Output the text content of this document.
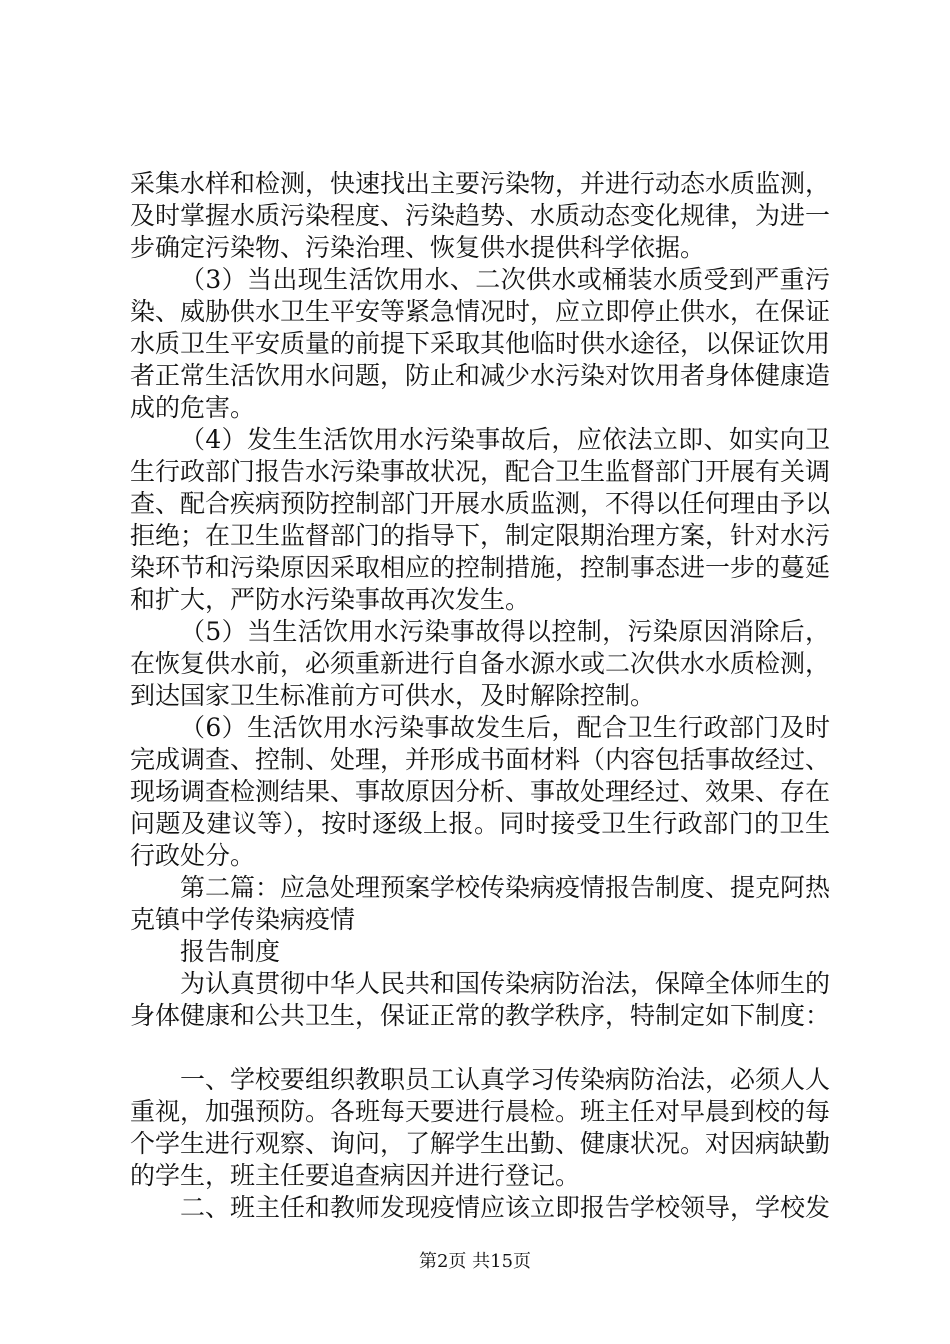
采集水样和检测，快速找出主要污染物，并进行动态水质监测，及时掌握水质污染程度、污染趋势、水质动态变化规律，为进一步确定污染物、污染治理、恢复供水提供科学依据。

（3）当出现生活饮用水、二次供水或桶装水质受到严重污染、威胁供水卫生平安等紧急情况时，应立即停止供水，在保证水质卫生平安质量的前提下采取其他临时供水途径，以保证饮用者正常生活饮用水问题，防止和减少水污染对饮用者身体健康造成的危害。

（4）发生生活饮用水污染事故后，应依法立即、如实向卫生行政部门报告水污染事故状况，配合卫生监督部门开展有关调查、配合疾病预防控制部门开展水质监测，不得以任何理由予以拒绝；在卫生监督部门的指导下，制定限期治理方案，针对水污染环节和污染原因采取相应的控制措施，控制事态进一步的蔓延和扩大，严防水污染事故再次发生。

（5）当生活饮用水污染事故得以控制，污染原因消除后，在恢复供水前，必须重新进行自备水源水或二次供水水质检测，到达国家卫生标准前方可供水，及时解除控制。

（6）生活饮用水污染事故发生后，配合卫生行政部门及时完成调查、控制、处理，并形成书面材料（内容包括事故经过、现场调查检测结果、事故原因分析、事故处理经过、效果、存在问题及建议等），按时逐级上报。同时接受卫生行政部门的卫生行政处分。

第二篇：应急处理预案学校传染病疫情报告制度、提克阿热克镇中学传染病疫情

报告制度

为认真贯彻中华人民共和国传染病防治法，保障全体师生的身体健康和公共卫生，保证正常的教学秩序，特制定如下制度：

一、学校要组织教职员工认真学习传染病防治法，必须人人重视，加强预防。各班每天要进行晨检。班主任对早晨到校的每个学生进行观察、询问，了解学生出勤、健康状况。对因病缺勤的学生，班主任要追查病因并进行登记。

二、班主任和教师发现疫情应该立即报告学校领导，学校发

第2页 共15页
